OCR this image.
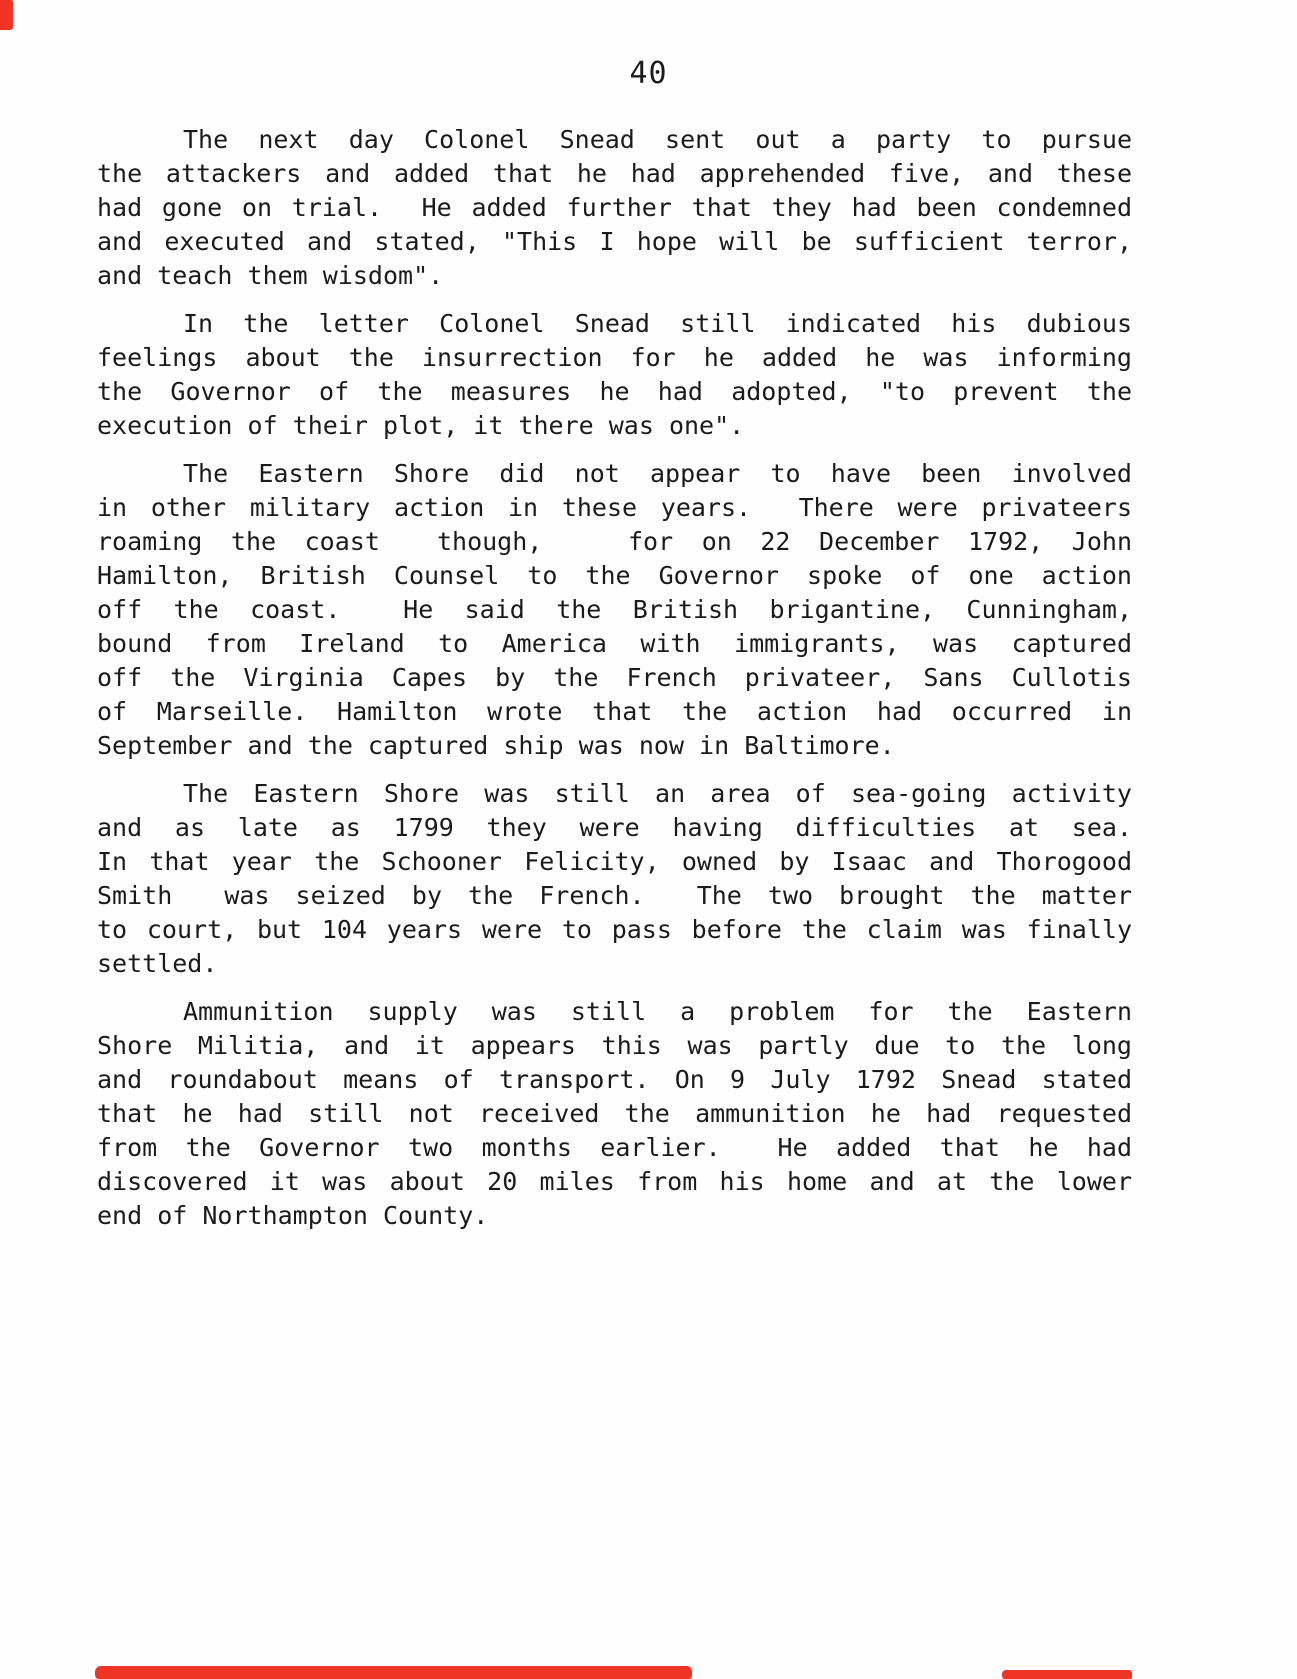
40
The next day Colonel Snead sent out a party to pursue
the attackers and added that he had apprehended five, and these
had gone on trial.  He added further that they had been condemned
and executed and stated, "This I hope will be sufficient terror,
and teach them wisdom".
In the letter Colonel Snead still indicated his dubious
feelings about the insurrection for he added he was informing
the Governor of the measures he had adopted, "to prevent the
execution of their plot, it there was one".
The Eastern Shore did not appear to have been involved
in other military action in these years.  There were privateers
roaming the coast  though,   for on 22 December 1792, John
Hamilton, British Counsel to the Governor spoke of one action
off the coast.  He said the British brigantine, Cunningham,
bound from Ireland to America with immigrants, was captured
off the Virginia Capes by the French privateer, Sans Cullotis
of Marseille. Hamilton wrote that the action had occurred in
September and the captured ship was now in Baltimore.
The Eastern Shore was still an area of sea-going activity
and as late as 1799 they were having difficulties at sea.
In that year the Schooner Felicity, owned by Isaac and Thorogood
Smith  was seized by the French.  The two brought the matter
to court, but 104 years were to pass before the claim was finally
settled.
Ammunition supply was still a problem for the Eastern
Shore Militia, and it appears this was partly due to the long
and roundabout means of transport. On 9 July 1792 Snead stated
that he had still not received the ammunition he had requested
from the Governor two months earlier.  He added that he had
discovered it was about 20 miles from his home and at the lower
end of Northampton County.
